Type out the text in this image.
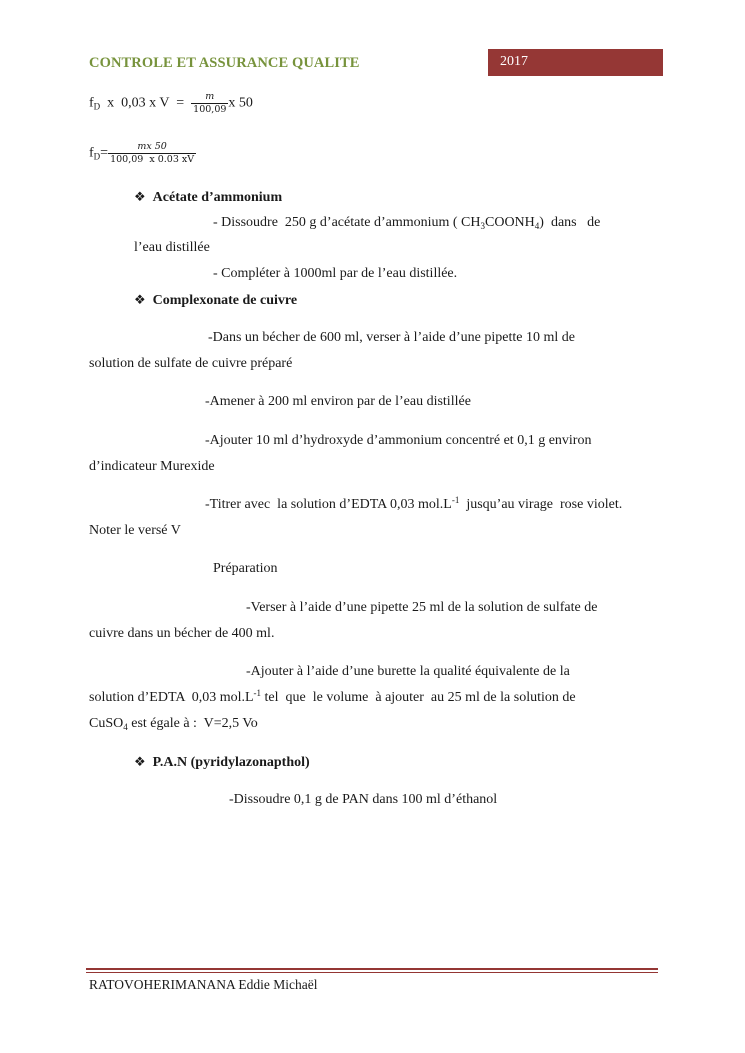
CONTROLE ET ASSURANCE QUALITE	2017
$f_D$  x  0,03 x $V = \frac{m}{100,09}$ x 50
$f_D= \frac{mx 50}{100,09 x 0.03 xV}$
❖ Acétate d’ammonium
- Dissoudre  250 g d’acétate d’ammonium ( $CH_3COONH_4$)  dans   de
l’eau distillée
- Compléter à 1000ml par de l’eau distillée.
❖ Complexonate de cuivre
-Dans un bécher de 600 ml, verser à l’aide d’une pipette 10 ml de
solution de sulfate de cuivre préparé
-Amener à 200 ml environ par de l’eau distillée
-Ajouter 10 ml d’hydroxyde d’ammonium concentré et 0,1 g environ
d’indicateur Murexide
-Titrer avec  la solution d’EDTA 0,03 $mol.L^{-1}$  jusqu’au virage  rose violet.
Noter le versé V
Préparation
-Verser à l’aide d’une pipette 25 ml de la solution de sulfate de
cuivre dans un bécher de 400 ml.
-Ajouter à l’aide d’une burette la qualité équivalente de la
solution d’EDTA  0,03 $mol.L^{-1}$ tel  que  le volume  à ajouter  au 25 ml de la solution de
CuSO$_4$ est égale à :  V=2,5 Vo
❖ P.A.N (pyridylazonapthol)
-Dissoudre 0,1 g de PAN dans 100 ml d’éthanol
RATOVOHERIMANANA Eddie Michaël
